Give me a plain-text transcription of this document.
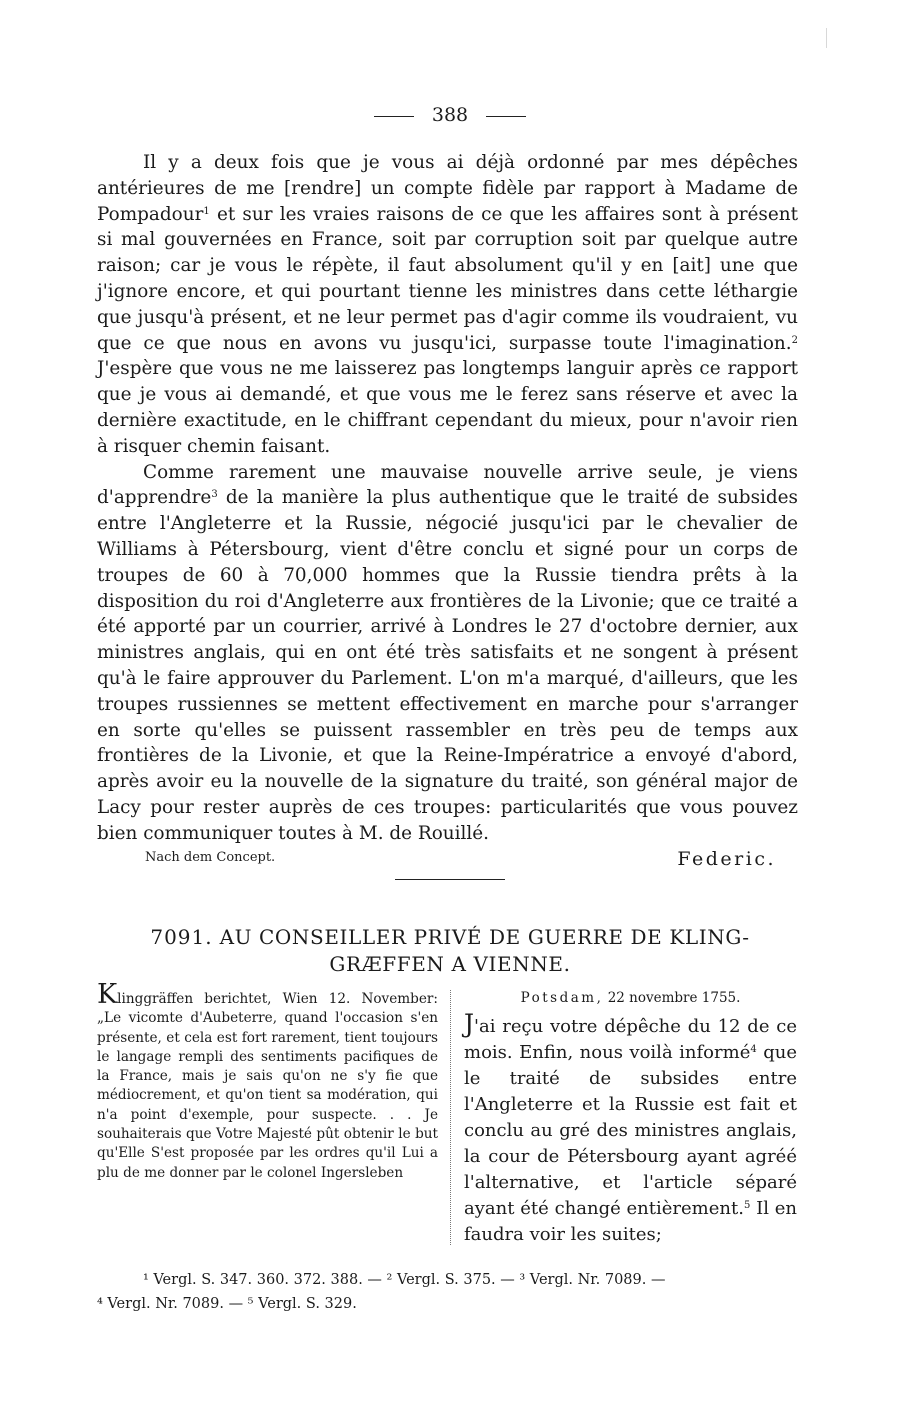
388

Il y a deux fois que je vous ai déjà ordonné par mes dépêches antérieures de me [rendre] un compte fidèle par rapport à Madame de Pompadour$^1$ et sur les vraies raisons de ce que les affaires sont à présent si mal gouvernées en France, soit par corruption soit par quelque autre raison; car je vous le répète, il faut absolument qu'il y en [ait] une que j'ignore encore, et qui pourtant tienne les ministres dans cette léthargie que jusqu'à présent, et ne leur permet pas d'agir comme ils voudraient, vu que ce que nous en avons vu jusqu'ici, surpasse toute l'imagination.$^2$ J'espère que vous ne me laisserez pas longtemps languir après ce rapport que je vous ai demandé, et que vous me le ferez sans réserve et avec la dernière exactitude, en le chiffrant cependant du mieux, pour n'avoir rien à risquer chemin faisant.

Comme rarement une mauvaise nouvelle arrive seule, je viens d'apprendre$^3$ de la manière la plus authentique que le traité de subsides entre l'Angleterre et la Russie, négocié jusqu'ici par le chevalier de Williams à Pétersbourg, vient d'être conclu et signé pour un corps de troupes de 60 à 70,000 hommes que la Russie tiendra prêts à la disposition du roi d'Angleterre aux frontières de la Livonie; que ce traité a été apporté par un courrier, arrivé à Londres le 27 d'octobre dernier, aux ministres anglais, qui en ont été très satisfaits et ne songent à présent qu'à le faire approuver du Parlement. L'on m'a marqué, d'ailleurs, que les troupes russiennes se mettent effectivement en marche pour s'arranger en sorte qu'elles se puissent rassembler en très peu de temps aux frontières de la Livonie, et que la Reine-Impératrice a envoyé d'abord, après avoir eu la nouvelle de la signature du traité, son général major de Lacy pour rester auprès de ces troupes: particularités que vous pouvez bien communiquer toutes à M. de Rouillé.

Nach dem Concept.	Federic.
7091. AU CONSEILLER PRIVÉ DE GUERRE DE KLING-
GRÆFFEN A VIENNE.
Klinggräffen berichtet, Wien 12. November: „Le vicomte d'Aubeterre, quand l'occasion s'en présente, et cela est fort rarement, tient toujours le langage rempli des sentiments pacifiques de la France, mais je sais qu'on ne s'y fie que médiocrement, et qu'on tient sa modération, qui n'a point d'exemple, pour suspecte. . . Je souhaiterais que Votre Majesté pût obtenir le but qu'Elle S'est proposée par les ordres qu'il Lui a plu de me donner par le colonel Ingersleben
Potsdam, 22 novembre 1755.
J'ai reçu votre dépêche du 12 de ce mois. Enfin, nous voilà informé$^4$ que le traité de subsides entre l'Angleterre et la Russie est fait et conclu au gré des ministres anglais, la cour de Pétersbourg ayant agréé l'alternative, et l'article séparé ayant été changé entièrement.$^5$ Il en faudra voir les suites;
¹ Vergl. S. 347. 360. 372. 388. — ² Vergl. S. 375. — ³ Vergl. Nr. 7089. —
⁴ Vergl. Nr. 7089. — ⁵ Vergl. S. 329.
